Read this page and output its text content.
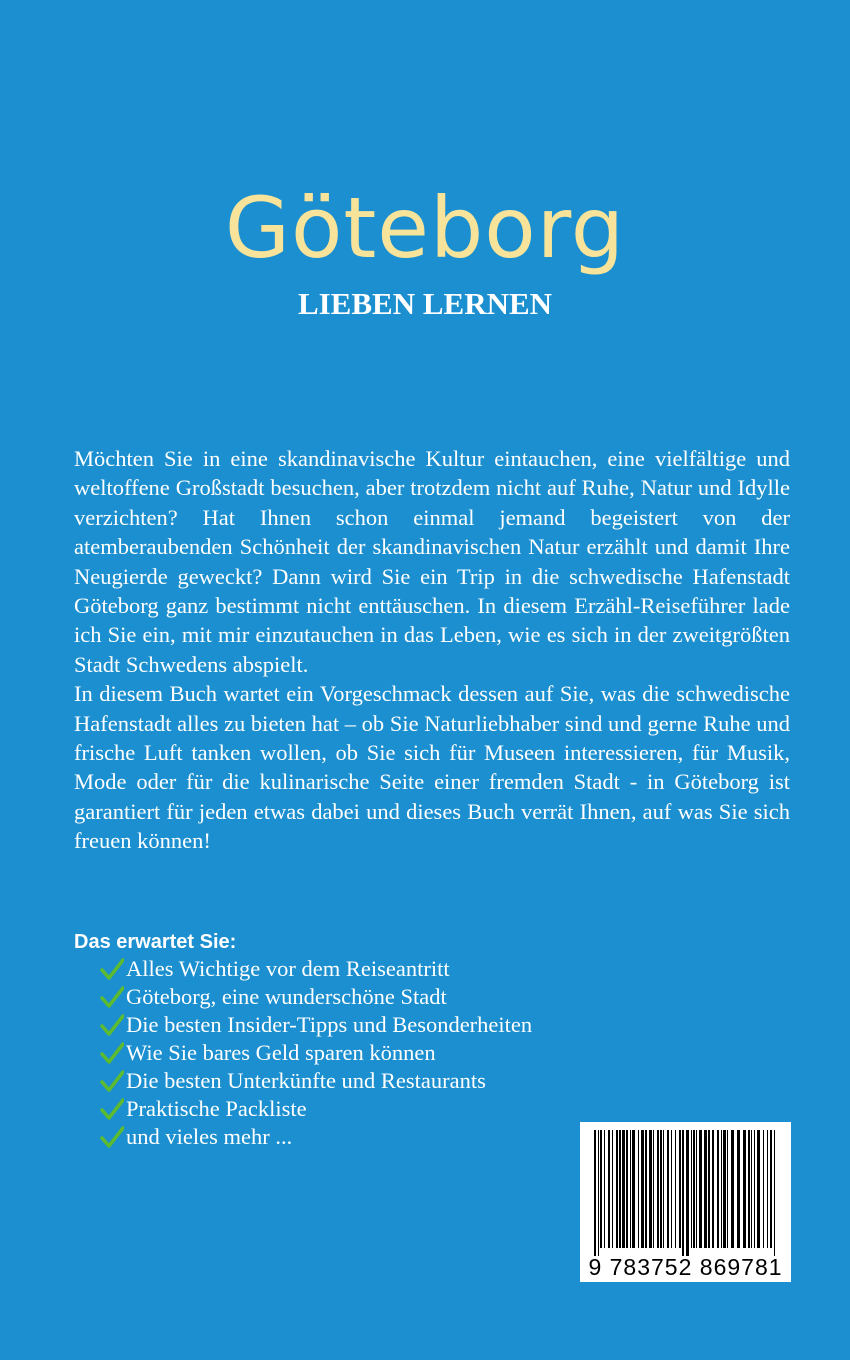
Göteborg
LIEBEN LERNEN

Möchten Sie in eine skandinavische Kultur eintauchen, eine vielfältige und weltoffene Großstadt besuchen, aber trotzdem nicht auf Ruhe, Natur und Idylle verzichten? Hat Ihnen schon einmal jemand begeistert von der atemberaubenden Schönheit der skandinavischen Natur erzählt und damit Ihre Neugierde geweckt? Dann wird Sie ein Trip in die schwedische Hafenstadt Göteborg ganz bestimmt nicht enttäuschen. In diesem Erzähl-Reiseführer lade ich Sie ein, mit mir einzutauchen in das Leben, wie es sich in der zweitgrößten Stadt Schwedens abspielt.

In diesem Buch wartet ein Vorgeschmack dessen auf Sie, was die schwedische Hafenstadt alles zu bieten hat – ob Sie Naturliebhaber sind und gerne Ruhe und frische Luft tanken wollen, ob Sie sich für Museen interessieren, für Musik, Mode oder für die kulinarische Seite einer fremden Stadt - in Göteborg ist garantiert für jeden etwas dabei und dieses Buch verrät Ihnen, auf was Sie sich freuen können!

Das erwartet Sie:
Alles Wichtige vor dem Reiseantritt
Göteborg, eine wunderschöne Stadt
Die besten Insider-Tipps und Besonderheiten
Wie Sie bares Geld sparen können
Die besten Unterkünfte und Restaurants
Praktische Packliste
und vieles mehr ...
9 783752 869781
